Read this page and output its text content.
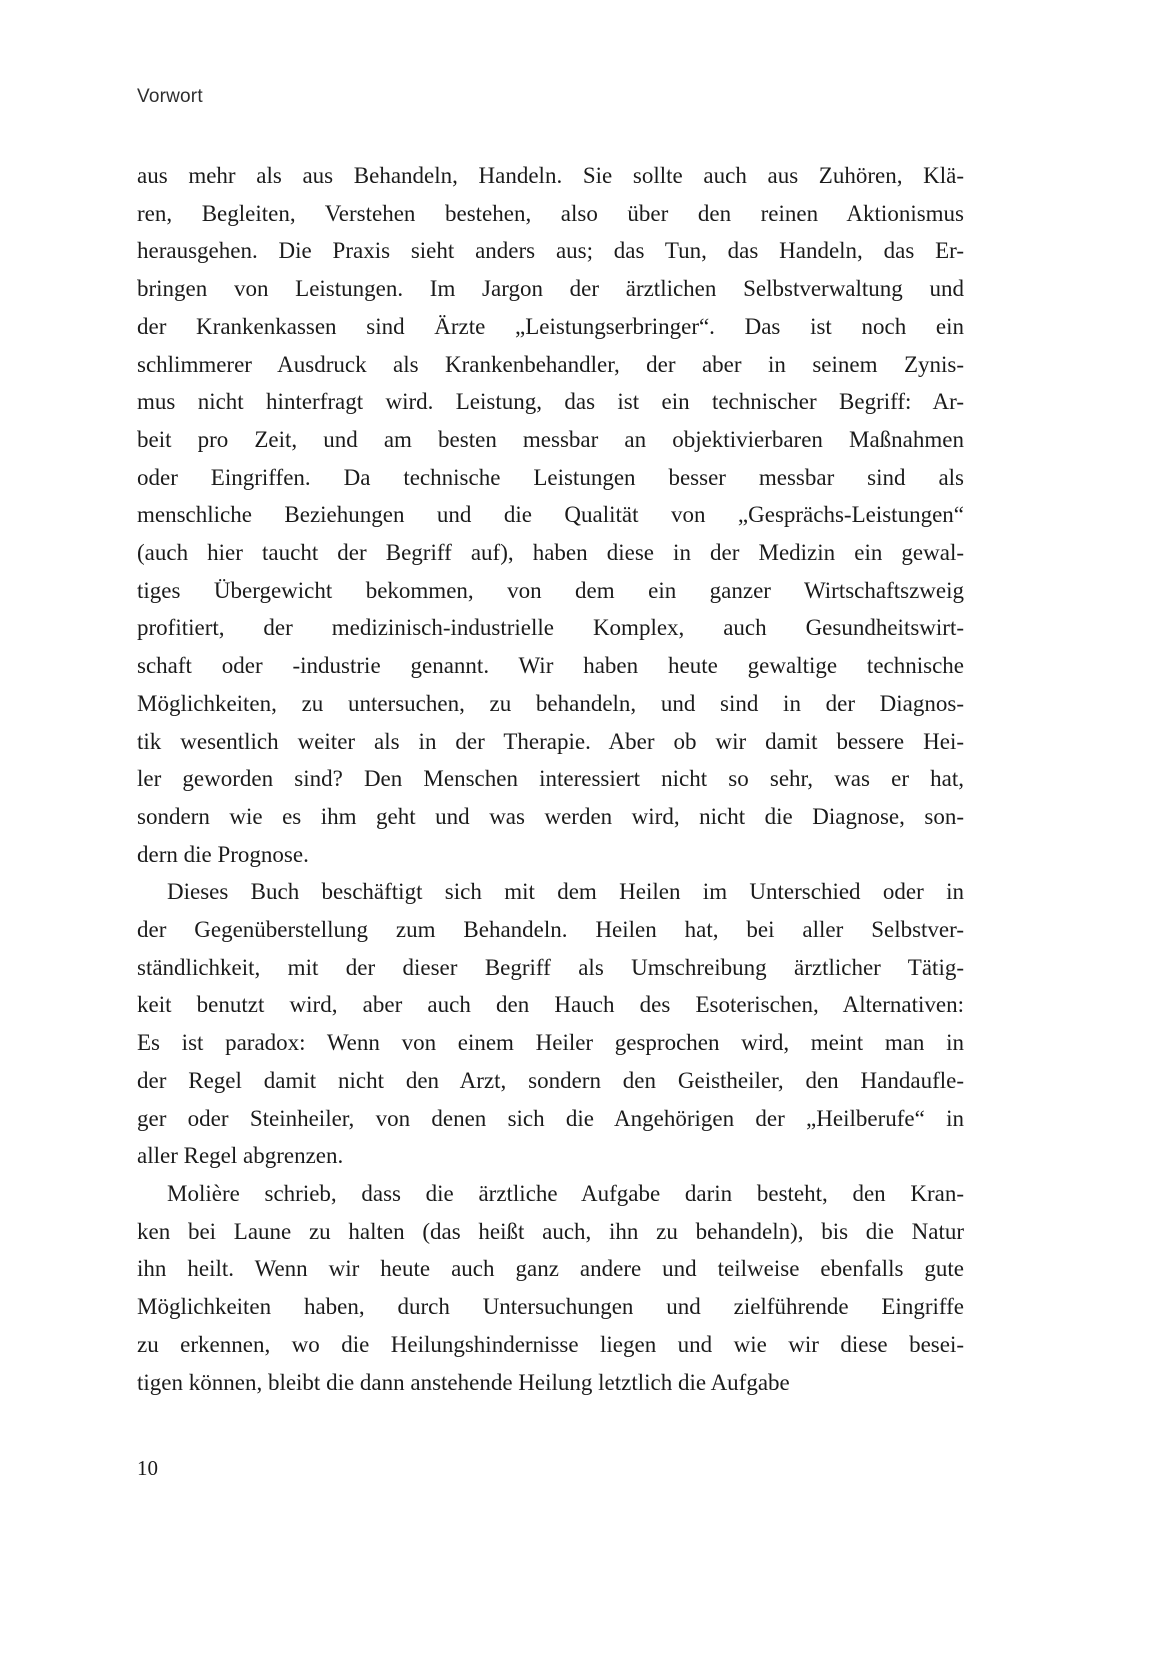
Vorwort
aus mehr als aus Behandeln, Handeln. Sie sollte auch aus Zuhören, Klä-
ren, Begleiten, Verstehen bestehen, also über den reinen Aktionismus
herausgehen. Die Praxis sieht anders aus; das Tun, das Handeln, das Er-
bringen von Leistungen. Im Jargon der ärztlichen Selbstverwaltung und
der Krankenkassen sind Ärzte „Leistungserbringer“. Das ist noch ein
schlimmerer Ausdruck als Krankenbehandler, der aber in seinem Zynis-
mus nicht hinterfragt wird. Leistung, das ist ein technischer Begriff: Ar-
beit pro Zeit, und am besten messbar an objektivierbaren Maßnahmen
oder Eingriffen. Da technische Leistungen besser messbar sind als
menschliche Beziehungen und die Qualität von „Gesprächs-Leistungen“
(auch hier taucht der Begriff auf), haben diese in der Medizin ein gewal-
tiges Übergewicht bekommen, von dem ein ganzer Wirtschaftszweig
profitiert, der medizinisch-industrielle Komplex, auch Gesundheitswirt-
schaft oder -industrie genannt. Wir haben heute gewaltige technische
Möglichkeiten, zu untersuchen, zu behandeln, und sind in der Diagnos-
tik wesentlich weiter als in der Therapie. Aber ob wir damit bessere Hei-
ler geworden sind? Den Menschen interessiert nicht so sehr, was er hat,
sondern wie es ihm geht und was werden wird, nicht die Diagnose, son-
dern die Prognose.
Dieses Buch beschäftigt sich mit dem Heilen im Unterschied oder in
der Gegenüberstellung zum Behandeln. Heilen hat, bei aller Selbstver-
ständlichkeit, mit der dieser Begriff als Umschreibung ärztlicher Tätig-
keit benutzt wird, aber auch den Hauch des Esoterischen, Alternativen:
Es ist paradox: Wenn von einem Heiler gesprochen wird, meint man in
der Regel damit nicht den Arzt, sondern den Geistheiler, den Handaufle-
ger oder Steinheiler, von denen sich die Angehörigen der „Heilberufe“ in
aller Regel abgrenzen.
Molière schrieb, dass die ärztliche Aufgabe darin besteht, den Kran-
ken bei Laune zu halten (das heißt auch, ihn zu behandeln), bis die Natur
ihn heilt. Wenn wir heute auch ganz andere und teilweise ebenfalls gute
Möglichkeiten haben, durch Untersuchungen und zielführende Eingriffe
zu erkennen, wo die Heilungshindernisse liegen und wie wir diese besei-
tigen können, bleibt die dann anstehende Heilung letztlich die Aufgabe
10
